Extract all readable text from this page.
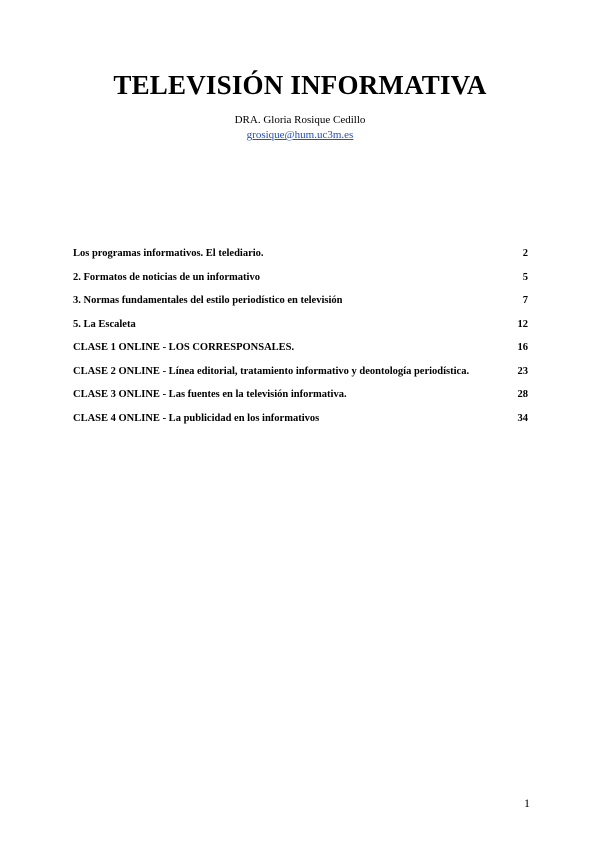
TELEVISIÓN INFORMATIVA
DRA. Gloria Rosique Cedillo
grosique@hum.uc3m.es
Los programas informativos. El telediario.	2
2. Formatos de noticias de un informativo	5
3. Normas fundamentales del estilo periodístico en televisión	7
5. La Escaleta	12
CLASE 1 ONLINE - LOS CORRESPONSALES.	16
CLASE 2 ONLINE - Línea editorial, tratamiento informativo y deontología periodística.	23
CLASE 3 ONLINE - Las fuentes en la televisión informativa.	28
CLASE 4 ONLINE - La publicidad en los informativos	34
1
